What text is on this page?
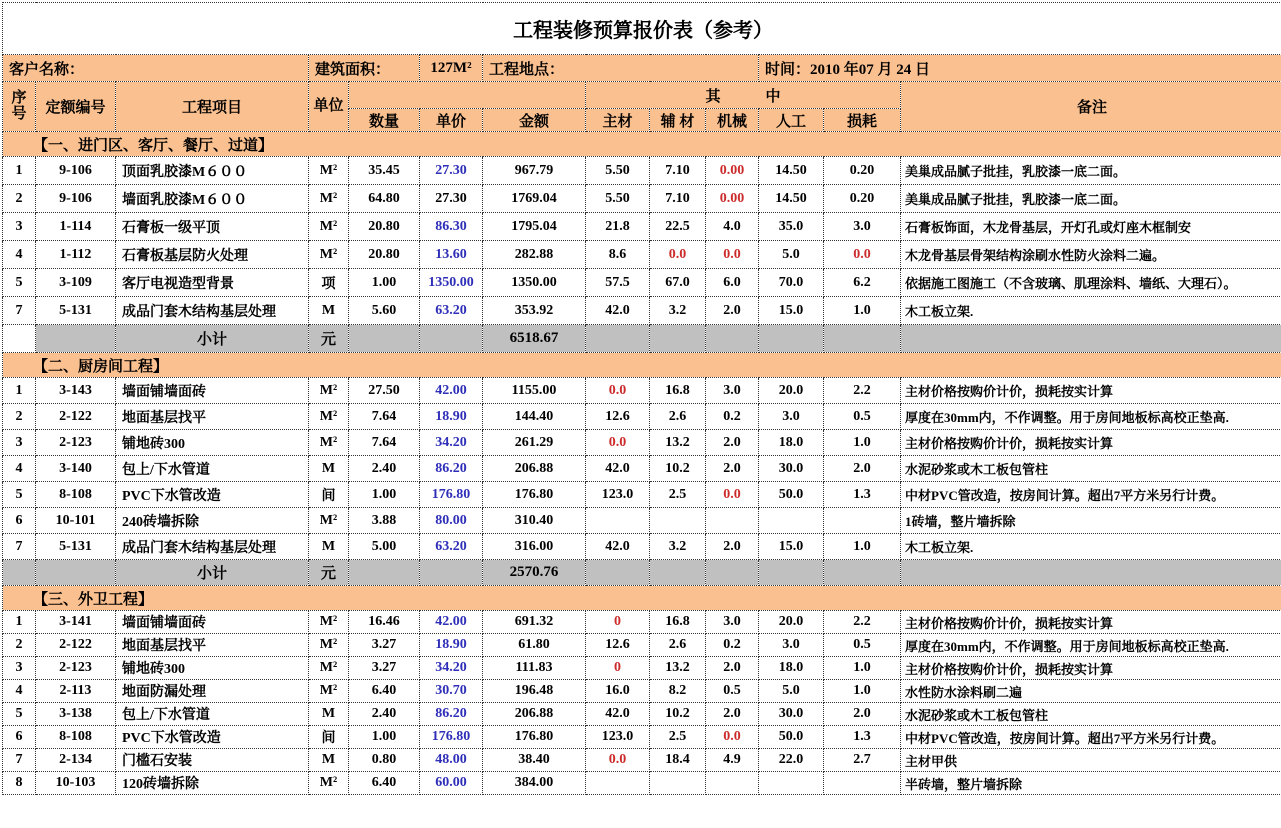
工程装修预算报价表（参考）												
客户名称：			建筑面积：		127M²	工程地点：				时间：2010 年07 月 24 日		
序号	定额编号	工程项目	单位				其　　　中					备注
				数量	单价	金额	主材	辅 材	机械	人工	损耗	
【一、进门区、客厅、餐厅、过道】												
1	9-106	顶面乳胶漆M６００	M²	35.45	27.30	967.79	5.50	7.10	0.00	14.50	0.20	美巢成品腻子批挂，乳胶漆一底二面。
2	9-106	墙面乳胶漆M６００	M²	64.80	27.30	1769.04	5.50	7.10	0.00	14.50	0.20	美巢成品腻子批挂，乳胶漆一底二面。
3	1-114	石膏板一级平顶	M²	20.80	86.30	1795.04	21.8	22.5	4.0	35.0	3.0	石膏板饰面，木龙骨基层，开灯孔或灯座木框制安
4	1-112	石膏板基层防火处理	M²	20.80	13.60	282.88	8.6	0.0	0.0	5.0	0.0	木龙骨基层骨架结构涂刷水性防火涂料二遍。
5	3-109	客厅电视造型背景	项	1.00	1350.00	1350.00	57.5	67.0	6.0	70.0	6.2	依据施工图施工（不含玻璃、肌理涂料、墙纸、大理石）。
7	5-131	成品门套木结构基层处理	M	5.60	63.20	353.92	42.0	3.2	2.0	15.0	1.0	木工板立架.
		小计	元			6518.67						
【二、厨房间工程】												
1	3-143	墙面铺墙面砖	M²	27.50	42.00	1155.00	0.0	16.8	3.0	20.0	2.2	主材价格按购价计价，损耗按实计算
2	2-122	地面基层找平	M²	7.64	18.90	144.40	12.6	2.6	0.2	3.0	0.5	厚度在30mm内，不作调整。用于房间地板标高校正垫高.
3	2-123	铺地砖300	M²	7.64	34.20	261.29	0.0	13.2	2.0	18.0	1.0	主材价格按购价计价，损耗按实计算
4	3-140	包上/下水管道	M	2.40	86.20	206.88	42.0	10.2	2.0	30.0	2.0	水泥砂浆或木工板包管柱
5	8-108	PVC下水管改造	间	1.00	176.80	176.80	123.0	2.5	0.0	50.0	1.3	中材PVC管改造，按房间计算。超出7平方米另行计费。
6	10-101	240砖墙拆除	M²	3.88	80.00	310.40						1砖墙，整片墙拆除
7	5-131	成品门套木结构基层处理	M	5.00	63.20	316.00	42.0	3.2	2.0	15.0	1.0	木工板立架.
		小计	元			2570.76						
【三、外卫工程】												
1	3-141	墙面铺墙面砖	M²	16.46	42.00	691.32	0	16.8	3.0	20.0	2.2	主材价格按购价计价，损耗按实计算
2	2-122	地面基层找平	M²	3.27	18.90	61.80	12.6	2.6	0.2	3.0	0.5	厚度在30mm内，不作调整。用于房间地板标高校正垫高.
3	2-123	铺地砖300	M²	3.27	34.20	111.83	0	13.2	2.0	18.0	1.0	主材价格按购价计价，损耗按实计算
4	2-113	地面防漏处理	M²	6.40	30.70	196.48	16.0	8.2	0.5	5.0	1.0	水性防水涂料刷二遍
5	3-138	包上/下水管道	M	2.40	86.20	206.88	42.0	10.2	2.0	30.0	2.0	水泥砂浆或木工板包管柱
6	8-108	PVC下水管改造	间	1.00	176.80	176.80	123.0	2.5	0.0	50.0	1.3	中材PVC管改造，按房间计算。超出7平方米另行计费。
7	2-134	门槛石安装	M	0.80	48.00	38.40	0.0	18.4	4.9	22.0	2.7	主材甲供
8	10-103	120砖墙拆除	M²	6.40	60.00	384.00						半砖墙，整片墙拆除
